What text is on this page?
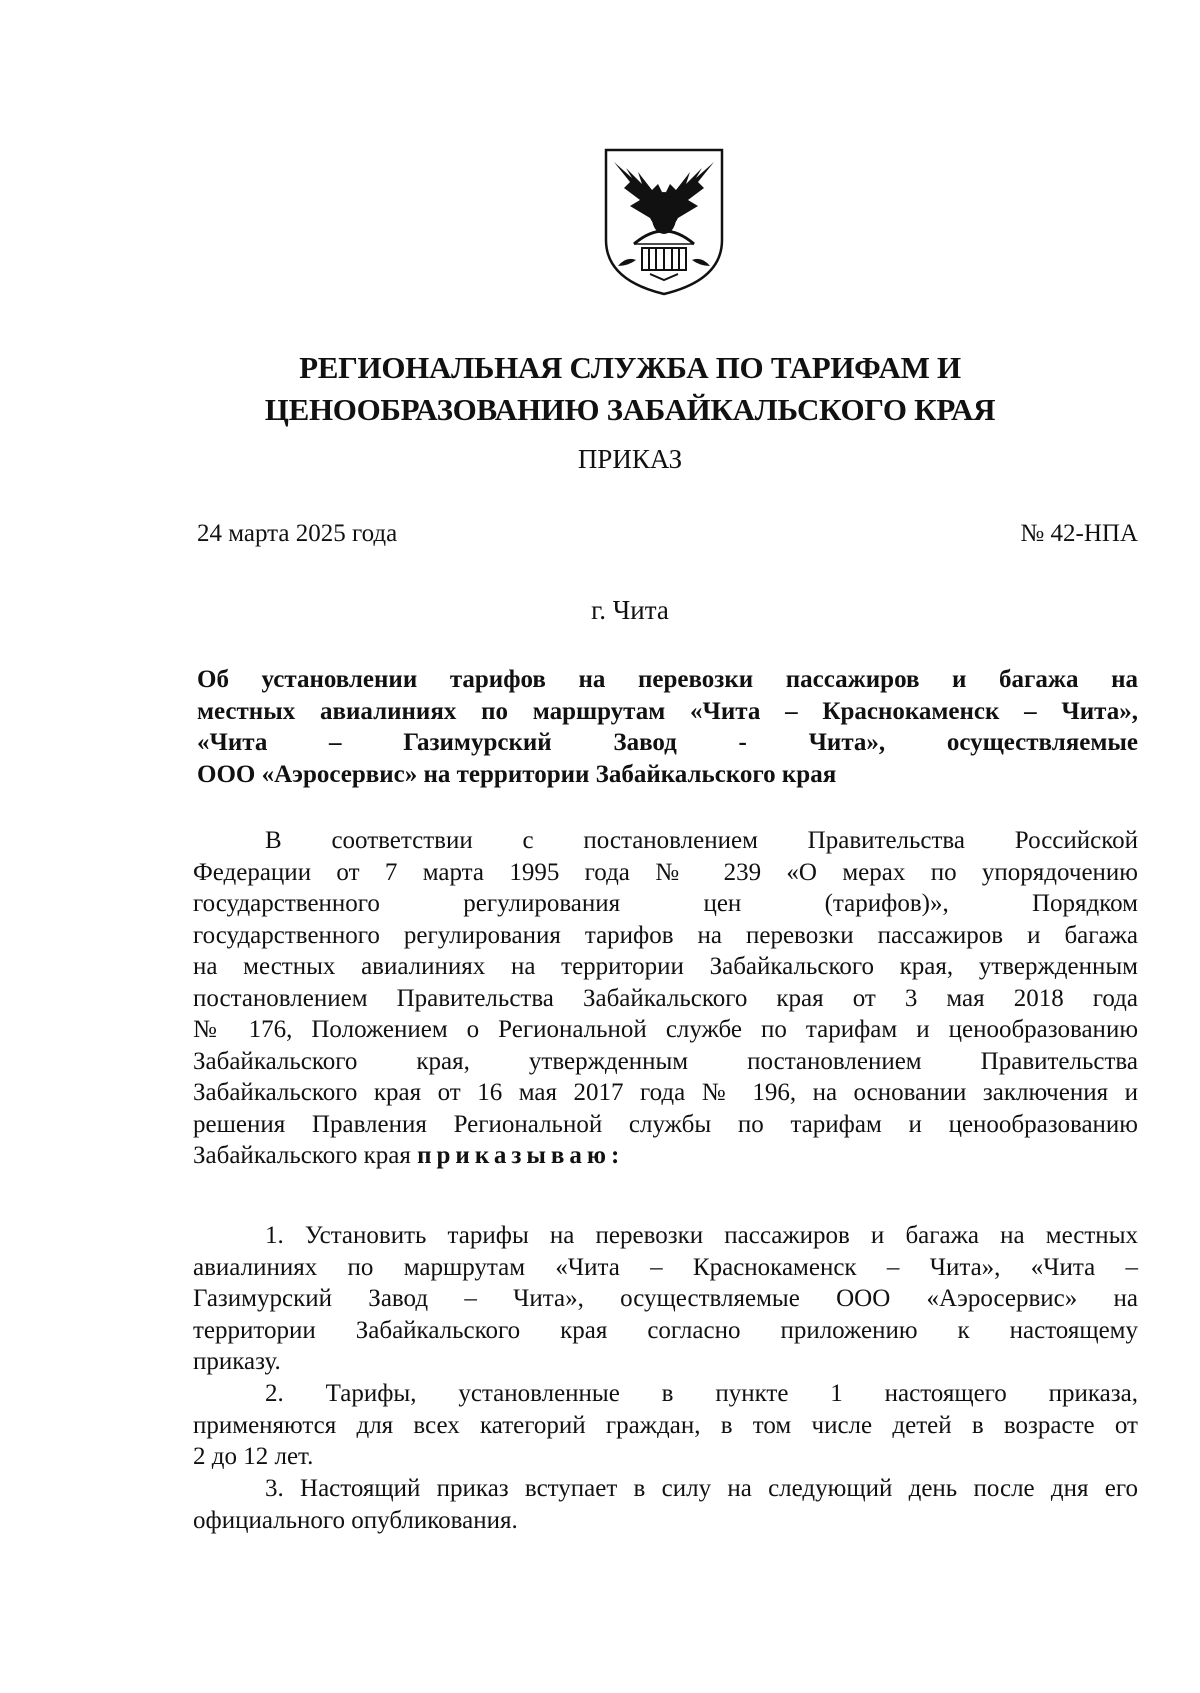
РЕГИОНАЛЬНАЯ СЛУЖБА ПО ТАРИФАМ И
ЦЕНООБРАЗОВАНИЮ ЗАБАЙКАЛЬСКОГО КРАЯ
ПРИКАЗ
24 марта 2025 года	№ 42-НПА
г. Чита
Об установлении тарифов на перевозки пассажиров и багажа на
местных авиалиниях по маршрутам «Чита – Краснокаменск – Чита»,
«Чита – Газимурский Завод - Чита», осуществляемые
ООО «Аэросервис» на территории Забайкальского края
В соответствии с постановлением Правительства Российской
Федерации от 7 марта 1995 года № 239 «О мерах по упорядочению
государственного регулирования цен (тарифов)», Порядком
государственного регулирования тарифов на перевозки пассажиров и багажа
на местных авиалиниях на территории Забайкальского края, утвержденным
постановлением Правительства Забайкальского края от 3 мая 2018 года
№ 176, Положением о Региональной службе по тарифам и ценообразованию
Забайкальского края, утвержденным постановлением Правительства
Забайкальского края от 16 мая 2017 года № 196, на основании заключения и
решения Правления Региональной службы по тарифам и ценообразованию
Забайкальского края приказываю:
1. Установить тарифы на перевозки пассажиров и багажа на местных
авиалиниях по маршрутам «Чита – Краснокаменск – Чита», «Чита –
Газимурский Завод – Чита», осуществляемые ООО «Аэросервис» на
территории Забайкальского края согласно приложению к настоящему
приказу.
2. Тарифы, установленные в пункте 1 настоящего приказа,
применяются для всех категорий граждан, в том числе детей в возрасте от
2 до 12 лет.
3. Настоящий приказ вступает в силу на следующий день после дня его
официального опубликования.
